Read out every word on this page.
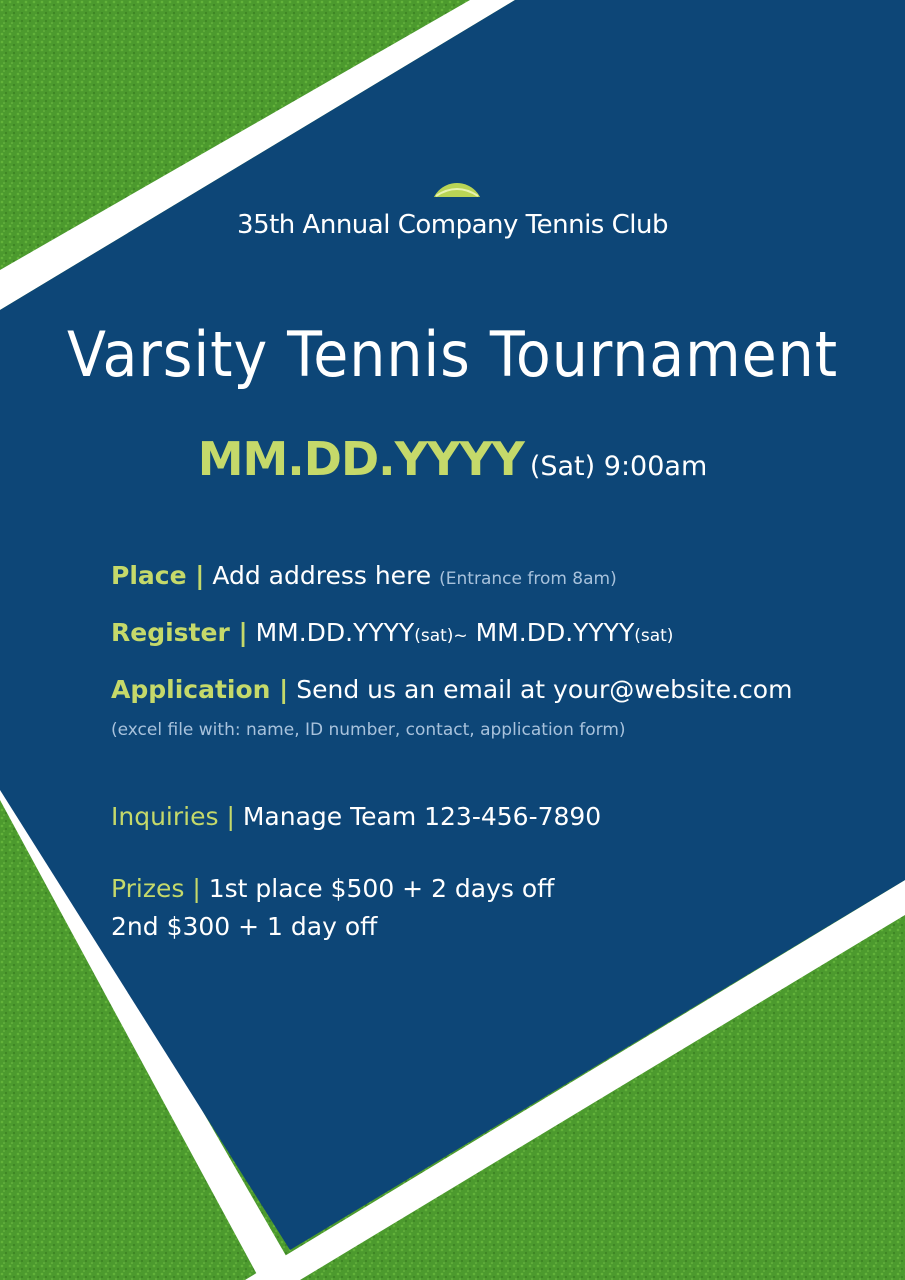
35th Annual Company Tennis Club
Varsity Tennis Tournament
MM.DD.YYYY (Sat) 9:00am
Place | Add address here (Entrance from 8am)
Register | MM.DD.YYYY(sat)~ MM.DD.YYYY(sat)
Application | Send us an email at your@website.com
(excel file with: name, ID number, contact, application form)
Inquiries | Manage Team 123-456-7890
Prizes | 1st place $500 + 2 days off
2nd $300 + 1 day off
